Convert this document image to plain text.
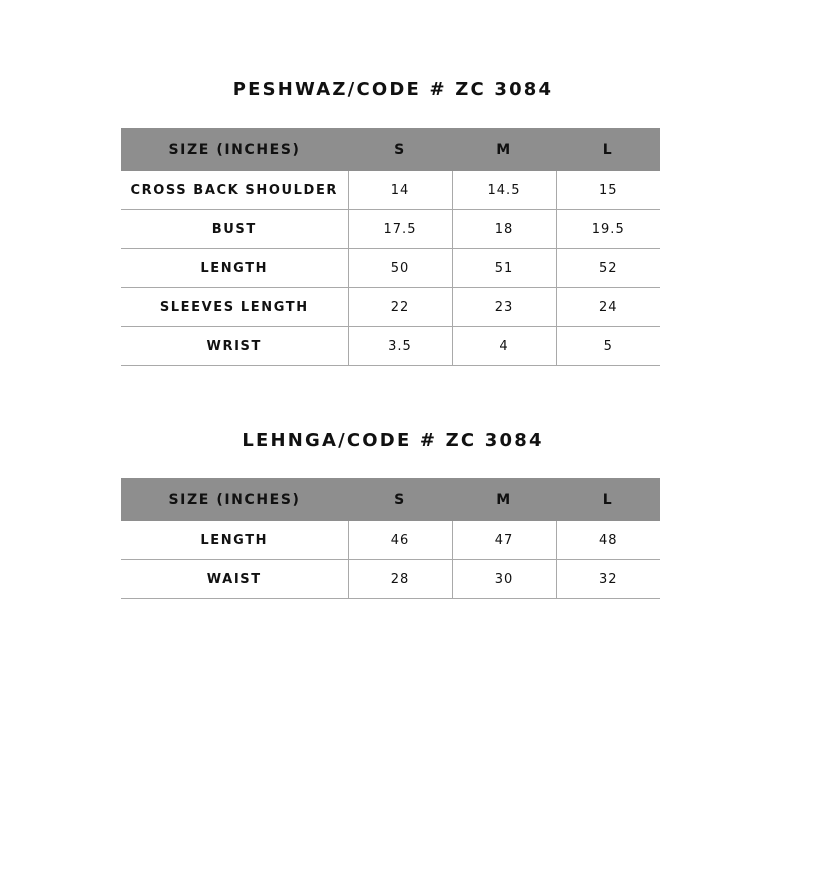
PESHWAZ/CODE # ZC 3084
SIZE (INCHES)	S	M	L
CROSS BACK SHOULDER	14	14.5	15
BUST	17.5	18	19.5
LENGTH	50	51	52
SLEEVES LENGTH	22	23	24
WRIST	3.5	4	5
LEHNGA/CODE # ZC 3084
SIZE (INCHES)	S	M	L
LENGTH	46	47	48
WAIST	28	30	32
